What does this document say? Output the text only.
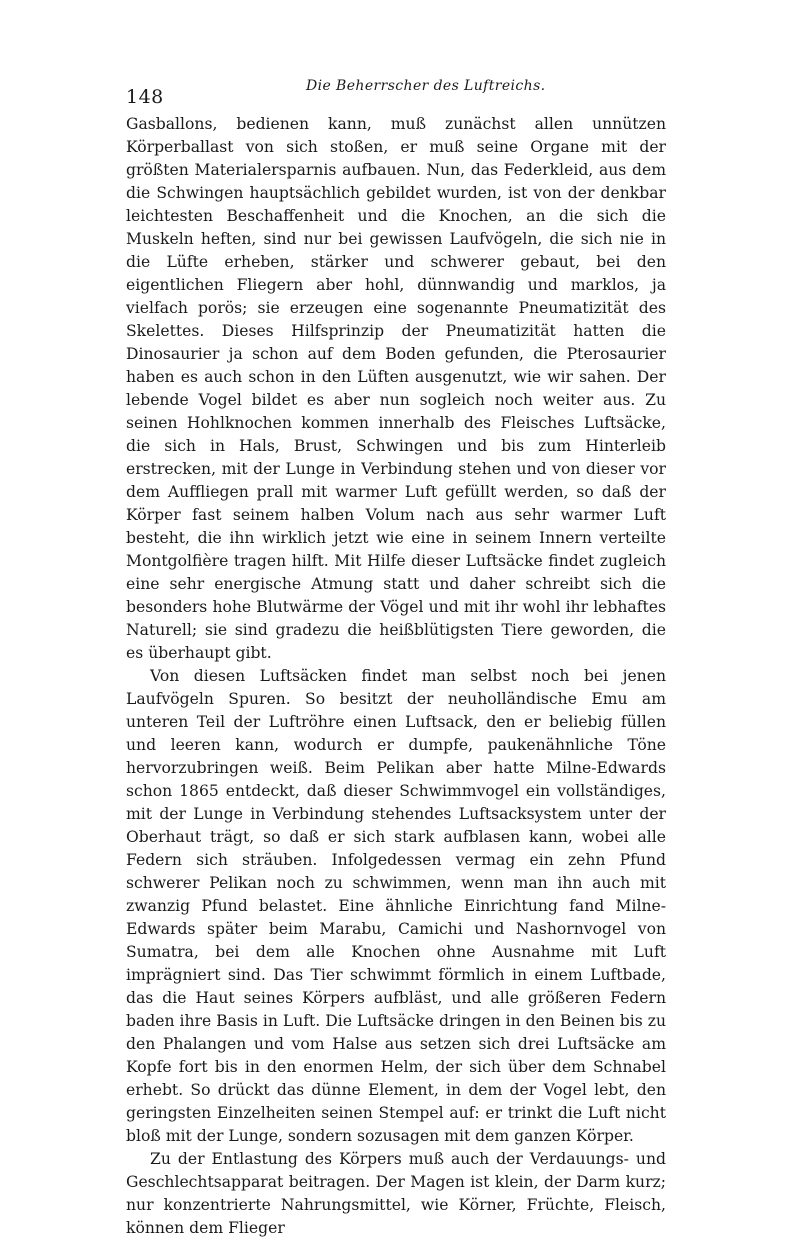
148	Die Beherrscher des Luftreichs.

Gasballons, bedienen kann, muß zunächst allen unnützen Körperballast von sich stoßen, er muß seine Organe mit der größten Materialersparnis aufbauen. Nun, das Federkleid, aus dem die Schwingen hauptsächlich gebildet wurden, ist von der denkbar leichtesten Beschaffenheit und die Knochen, an die sich die Muskeln heften, sind nur bei gewissen Laufvögeln, die sich nie in die Lüfte erheben, stärker und schwerer gebaut, bei den eigentlichen Fliegern aber hohl, dünnwandig und marklos, ja vielfach porös; sie erzeugen eine sogenannte Pneumatizität des Skelettes. Dieses Hilfsprinzip der Pneumatizität hatten die Dinosaurier ja schon auf dem Boden gefunden, die Pterosaurier haben es auch schon in den Lüften ausgenutzt, wie wir sahen. Der lebende Vogel bildet es aber nun sogleich noch weiter aus. Zu seinen Hohlknochen kommen innerhalb des Fleisches Luftsäcke, die sich in Hals, Brust, Schwingen und bis zum Hinterleib erstrecken, mit der Lunge in Verbindung stehen und von dieser vor dem Auffliegen prall mit warmer Luft gefüllt werden, so daß der Körper fast seinem halben Volum nach aus sehr warmer Luft besteht, die ihn wirklich jetzt wie eine in seinem Innern verteilte Montgolfière tragen hilft. Mit Hilfe dieser Luftsäcke findet zugleich eine sehr energische Atmung statt und daher schreibt sich die besonders hohe Blutwärme der Vögel und mit ihr wohl ihr lebhaftes Naturell; sie sind gradezu die heißblütigsten Tiere geworden, die es überhaupt gibt.

Von diesen Luftsäcken findet man selbst noch bei jenen Laufvögeln Spuren. So besitzt der neuholländische Emu am unteren Teil der Luftröhre einen Luftsack, den er beliebig füllen und leeren kann, wodurch er dumpfe, paukenähnliche Töne hervorzubringen weiß. Beim Pelikan aber hatte Milne-Edwards schon 1865 entdeckt, daß dieser Schwimmvogel ein vollständiges, mit der Lunge in Verbindung stehendes Luftsacksystem unter der Oberhaut trägt, so daß er sich stark aufblasen kann, wobei alle Federn sich sträuben. Infolgedessen vermag ein zehn Pfund schwerer Pelikan noch zu schwimmen, wenn man ihn auch mit zwanzig Pfund belastet. Eine ähnliche Einrichtung fand Milne-Edwards später beim Marabu, Camichi und Nashornvogel von Sumatra, bei dem alle Knochen ohne Ausnahme mit Luft imprägniert sind. Das Tier schwimmt förmlich in einem Luftbade, das die Haut seines Körpers aufbläst, und alle größeren Federn baden ihre Basis in Luft. Die Luftsäcke dringen in den Beinen bis zu den Phalangen und vom Halse aus setzen sich drei Luftsäcke am Kopfe fort bis in den enormen Helm, der sich über dem Schnabel erhebt. So drückt das dünne Element, in dem der Vogel lebt, den geringsten Einzelheiten seinen Stempel auf: er trinkt die Luft nicht bloß mit der Lunge, sondern sozusagen mit dem ganzen Körper.

Zu der Entlastung des Körpers muß auch der Verdauungs- und Geschlechtsapparat beitragen. Der Magen ist klein, der Darm kurz; nur konzentrierte Nahrungsmittel, wie Körner, Früchte, Fleisch, können dem Flieger
